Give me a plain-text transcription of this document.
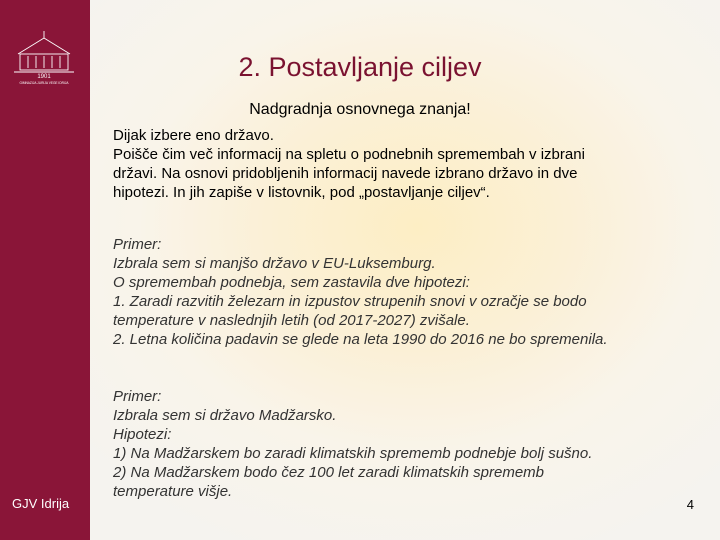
1901
GIMNAZIJA JURIJA VEGE IDRIJA
GJV Idrija
2. Postavljanje ciljev
Nadgradnja osnovnega znanja!

Dijak izbere eno državo.

Poišče čim več informacij na spletu o podnebnih spremembah v izbrani

državi. Na osnovi pridobljenih informacij navede izbrano državo in dve

hipotezi. In jih zapiše v listovnik, pod „postavljanje ciljev“.

Primer:

Izbrala sem si manjšo državo v EU-Luksemburg.

O spremembah podnebja, sem zastavila dve hipotezi:

1. Zaradi razvitih železarn in izpustov strupenih snovi v ozračje se bodo

temperature v naslednjih letih (od 2017-2027) zvišale.

2. Letna količina padavin se glede na leta 1990 do 2016 ne bo spremenila.

Primer:

Izbrala sem si državo Madžarsko.

Hipotezi:

1) Na Madžarskem bo zaradi klimatskih sprememb podnebje bolj sušno.

2) Na Madžarskem bodo čez 100 let zaradi klimatskih sprememb

temperature višje.

4
